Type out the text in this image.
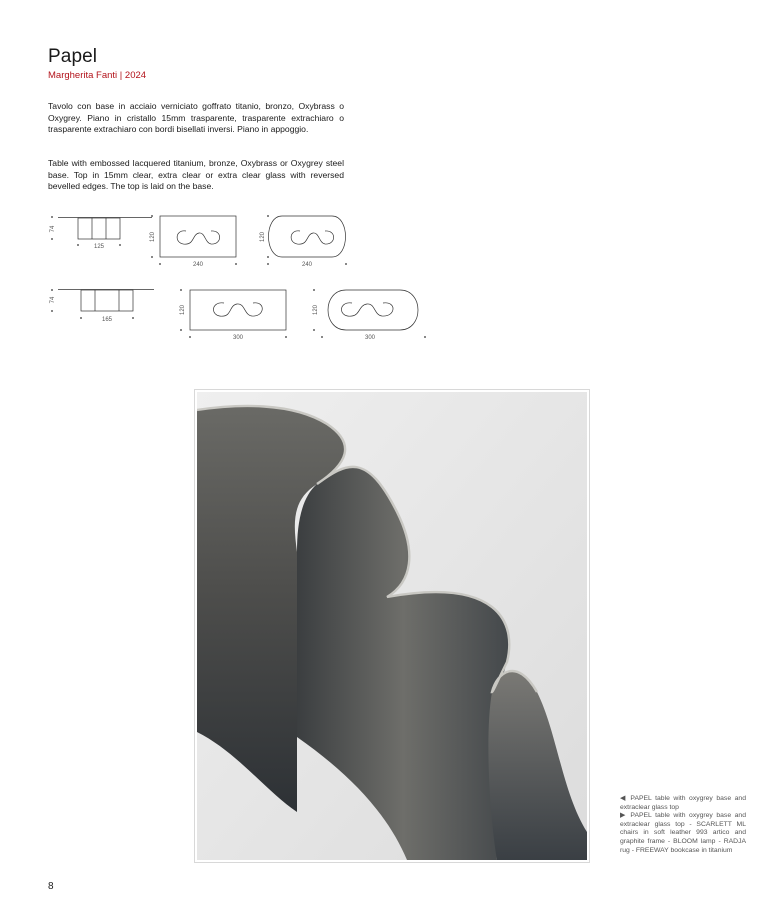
Papel

Margherita Fanti | 2024

Tavolo con base in acciaio verniciato goffrato titanio, bronzo, Oxybrass o Oxygrey. Piano in cristallo 15mm trasparente, trasparente extrachiaro o trasparente extrachiaro con bordi bisellati inversi. Piano in appoggio.

Table with embossed lacquered titanium, bronze, Oxybrass or Oxygrey steel base. Top in 15mm clear, extra clear or extra clear glass with reversed bevelled edges. The top is laid on the base.

74
125
120
240
120
240
74
165
120
300
120
300

◀ PAPEL table with oxygrey base and extraclear glass top

▶ PAPEL table with oxygrey base and extraclear glass top - SCARLETT ML chairs in soft leather 993 artico and graphite frame - BLOOM lamp - RADJA rug - FREEWAY bookcase in titanium

8
